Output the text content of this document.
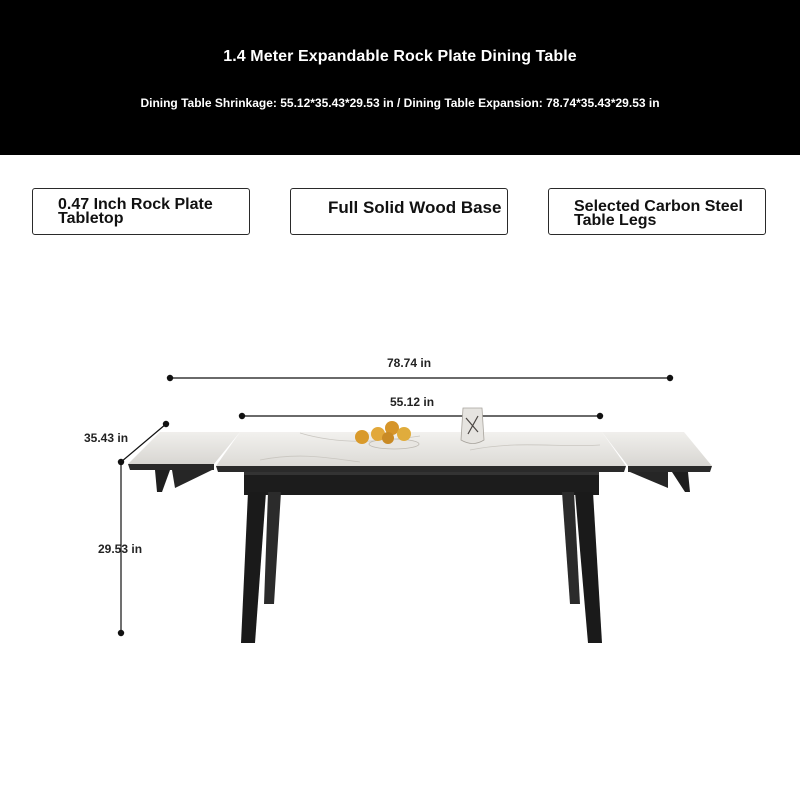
1.4 Meter Expandable Rock Plate Dining Table
Dining Table Shrinkage: 55.12*35.43*29.53 in / Dining Table Expansion: 78.74*35.43*29.53 in
0.47 Inch Rock Plate Tabletop
Full Solid Wood Base	Selected Carbon Steel Table Legs
78.74 in
55.12 in
35.43 in
29.53 in
